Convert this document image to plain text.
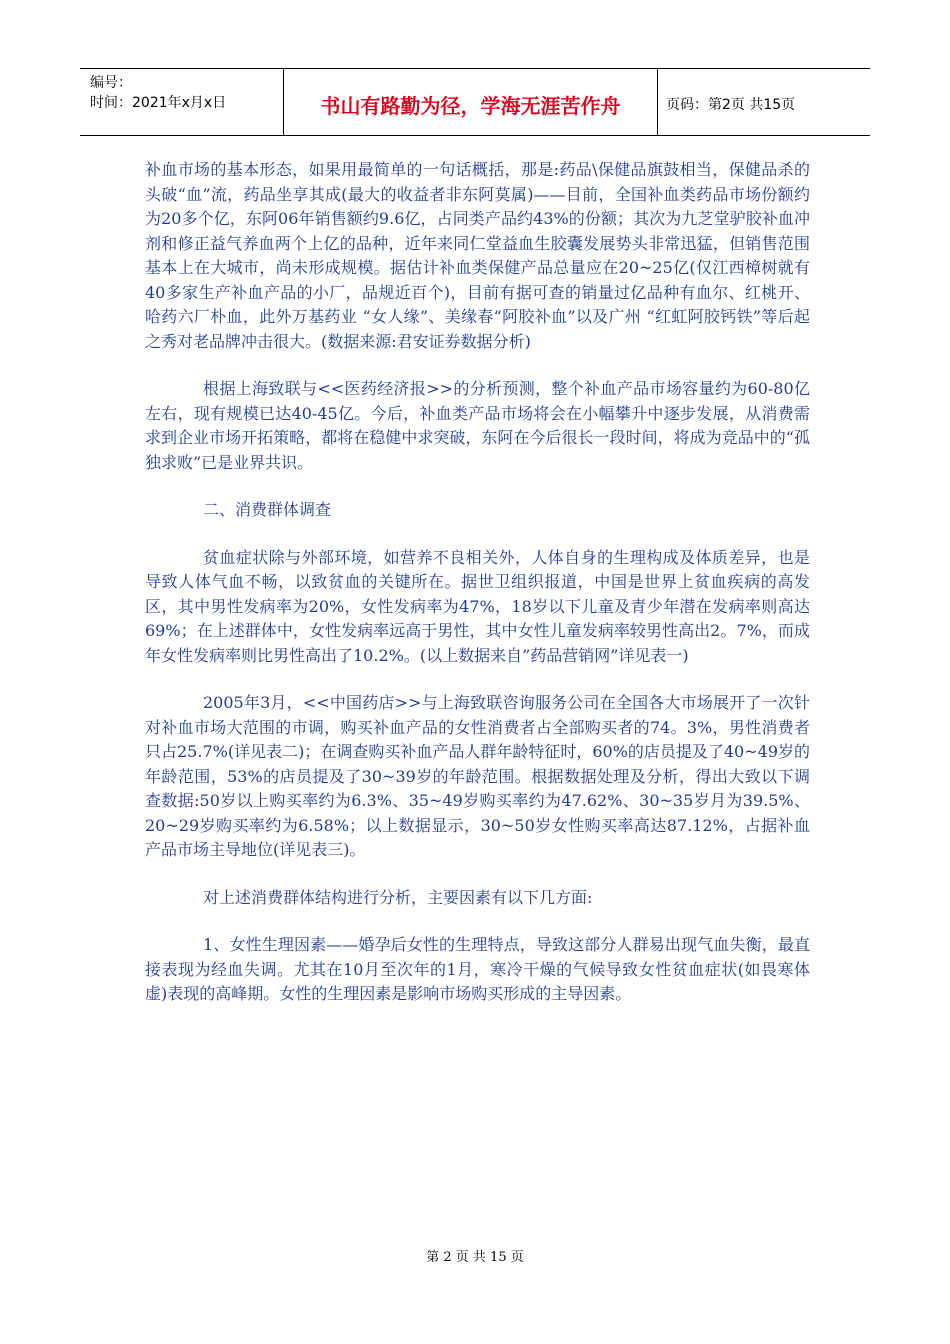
编号：
时间：2021年x月x日	书山有路勤为径，学海无涯苦作舟	页码：第2页 共15页

补血市场的基本形态，如果用最简单的一句话概括，那是:药品\保健品旗鼓相当，保健品杀的头破“血”流，药品坐享其成(最大的收益者非东阿莫属)——目前，全国补血类药品市场份额约为20多个亿，东阿06年销售额约9.6亿，占同类产品约43%的份额；其次为九芝堂驴胶补血冲剂和修正益气养血两个上亿的品种，近年来同仁堂益血生胶囊发展势头非常迅猛，但销售范围基本上在大城市，尚未形成规模。据估计补血类保健产品总量应在20~25亿(仅江西樟树就有40多家生产补血产品的小厂，品规近百个)，目前有据可查的销量过亿品种有血尔、红桃开、哈药六厂朴血，此外万基药业 “女人缘”、美缘春“阿胶补血”以及广州 “红虹阿胶钙铁”等后起之秀对老品牌冲击很大。(数据来源:君安证券数据分析)

根据上海致联与<<医药经济报>>的分析预测，整个补血产品市场容量约为60-80亿左右，现有规模已达40-45亿。今后，补血类产品市场将会在小幅攀升中逐步发展，从消费需求到企业市场开拓策略，都将在稳健中求突破，东阿在今后很长一段时间，将成为竞品中的“孤独求败”已是业界共识。

二、消费群体调查

贫血症状除与外部环境，如营养不良相关外，人体自身的生理构成及体质差异，也是导致人体气血不畅，以致贫血的关键所在。据世卫组织报道，中国是世界上贫血疾病的高发区，其中男性发病率为20%，女性发病率为47%，18岁以下儿童及青少年潜在发病率则高达69%；在上述群体中，女性发病率远高于男性，其中女性儿童发病率较男性高出2。7%，而成年女性发病率则比男性高出了10.2%。(以上数据来自”药品营销网”详见表一)

2005年3月，<<中国药店>>与上海致联咨询服务公司在全国各大市场展开了一次针对补血市场大范围的市调，购买补血产品的女性消费者占全部购买者的74。3%，男性消费者只占25.7%(详见表二)；在调查购买补血产品人群年龄特征时，60%的店员提及了40~49岁的年龄范围，53%的店员提及了30~39岁的年龄范围。根据数据处理及分析，得出大致以下调查数据:50岁以上购买率约为6.3%、35~49岁购买率约为47.62%、30~35岁月为39.5%、20~29岁购买率约为6.58%；以上数据显示，30~50岁女性购买率高达87.12%，占据补血产品市场主导地位(详见表三)。

对上述消费群体结构进行分析，主要因素有以下几方面:

1、女性生理因素——婚孕后女性的生理特点，导致这部分人群易出现气血失衡，最直接表现为经血失调。尤其在10月至次年的1月，寒冷干燥的气候导致女性贫血症状(如畏寒体虚)表现的高峰期。女性的生理因素是影响市场购买形成的主导因素。

第 2 页 共 15 页
